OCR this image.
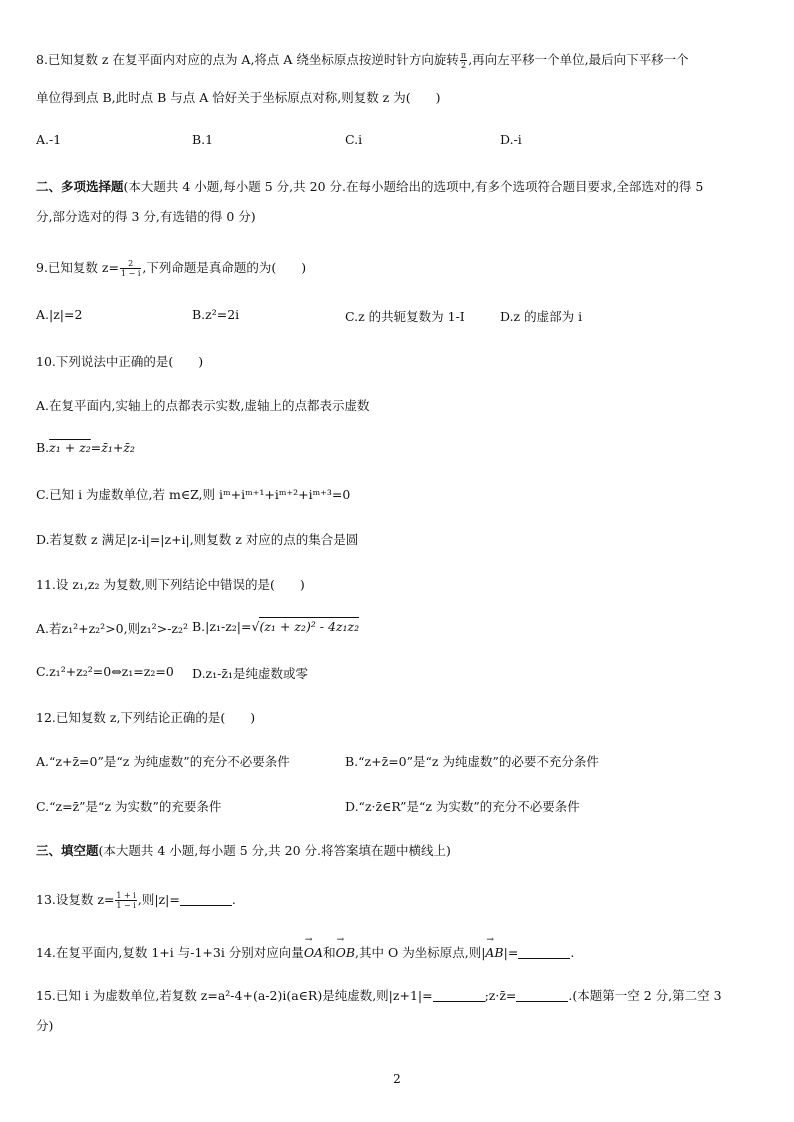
8.已知复数 z 在复平面内对应的点为 A,将点 A 绕坐标原点按逆时针方向旋转 $\frac{\pi}{2}$ ,再向左平移一个单位,最后向下平移一个
单位得到点 B,此时点 B 与点 A 恰好关于坐标原点对称,则复数 z 为(　　)
A.-1	B.1	C.i	D.-i
二、多项选择题(本大题共 4 小题,每小题 5 分,共 20 分.在每小题给出的选项中,有多个选项符合题目要求,全部选对的得 5
分,部分选对的得 3 分,有选错的得 0 分)
9.已知复数 $z= \frac{2}{1 - i}$ ,下列命题是真命题的为(　　)
A.|z|=2	B.z²=2i	C.z 的共轭复数为 1-I	D.z 的虚部为 i
10.下列说法中正确的是(　　)
A.在复平面内,实轴上的点都表示实数,虚轴上的点都表示虚数
B.z₁ + z₂=z̄₁+z̄₂
C.已知 i 为虚数单位,若 m∈Z,则 iᵐ+iᵐ⁺¹+iᵐ⁺²+iᵐ⁺³=0
D.若复数 z 满足|z-i|=|z+i|,则复数 z 对应的点的集合是圆
11.设 z₁,z₂ 为复数,则下列结论中错误的是(　　)
A.若z₁²+z₂²>0,则z₁²>-z₂² B.|z₁-z₂|=√(z₁ + z₂)² - 4z₁z₂
C.z₁²+z₂²=0⇔z₁=z₂=0 D.z₁-z̄₁是纯虚数或零
12.已知复数 z,下列结论正确的是(　　)
A.“z+z̄=0”是“z 为纯虚数”的充分不必要条件	B.“z+z̄=0”是“z 为纯虚数”的必要不充分条件
C.“z=z̄”是“z 为实数”的充要条件	D.“z·z̄∈R”是“z 为实数”的充分不必要条件
三、填空题(本大题共 4 小题,每小题 5 分,共 20 分.将答案填在题中横线上)
13.设复数 $z= \frac{1 + i}{1 - i}$ ,则|z|=	.
14.在复平面内,复数 1+i 与-1+3i 分别对应向量→ OA和→ OB,其中 O 为坐标原点,则|→ AB|=	.
15.已知 i 为虚数单位,若复数 z=a²-4+(a-2)i(a∈R)是纯虚数,则|z+1|=	;z·z̄=	.(本题第一空 2 分,第二空 3
分)
2
